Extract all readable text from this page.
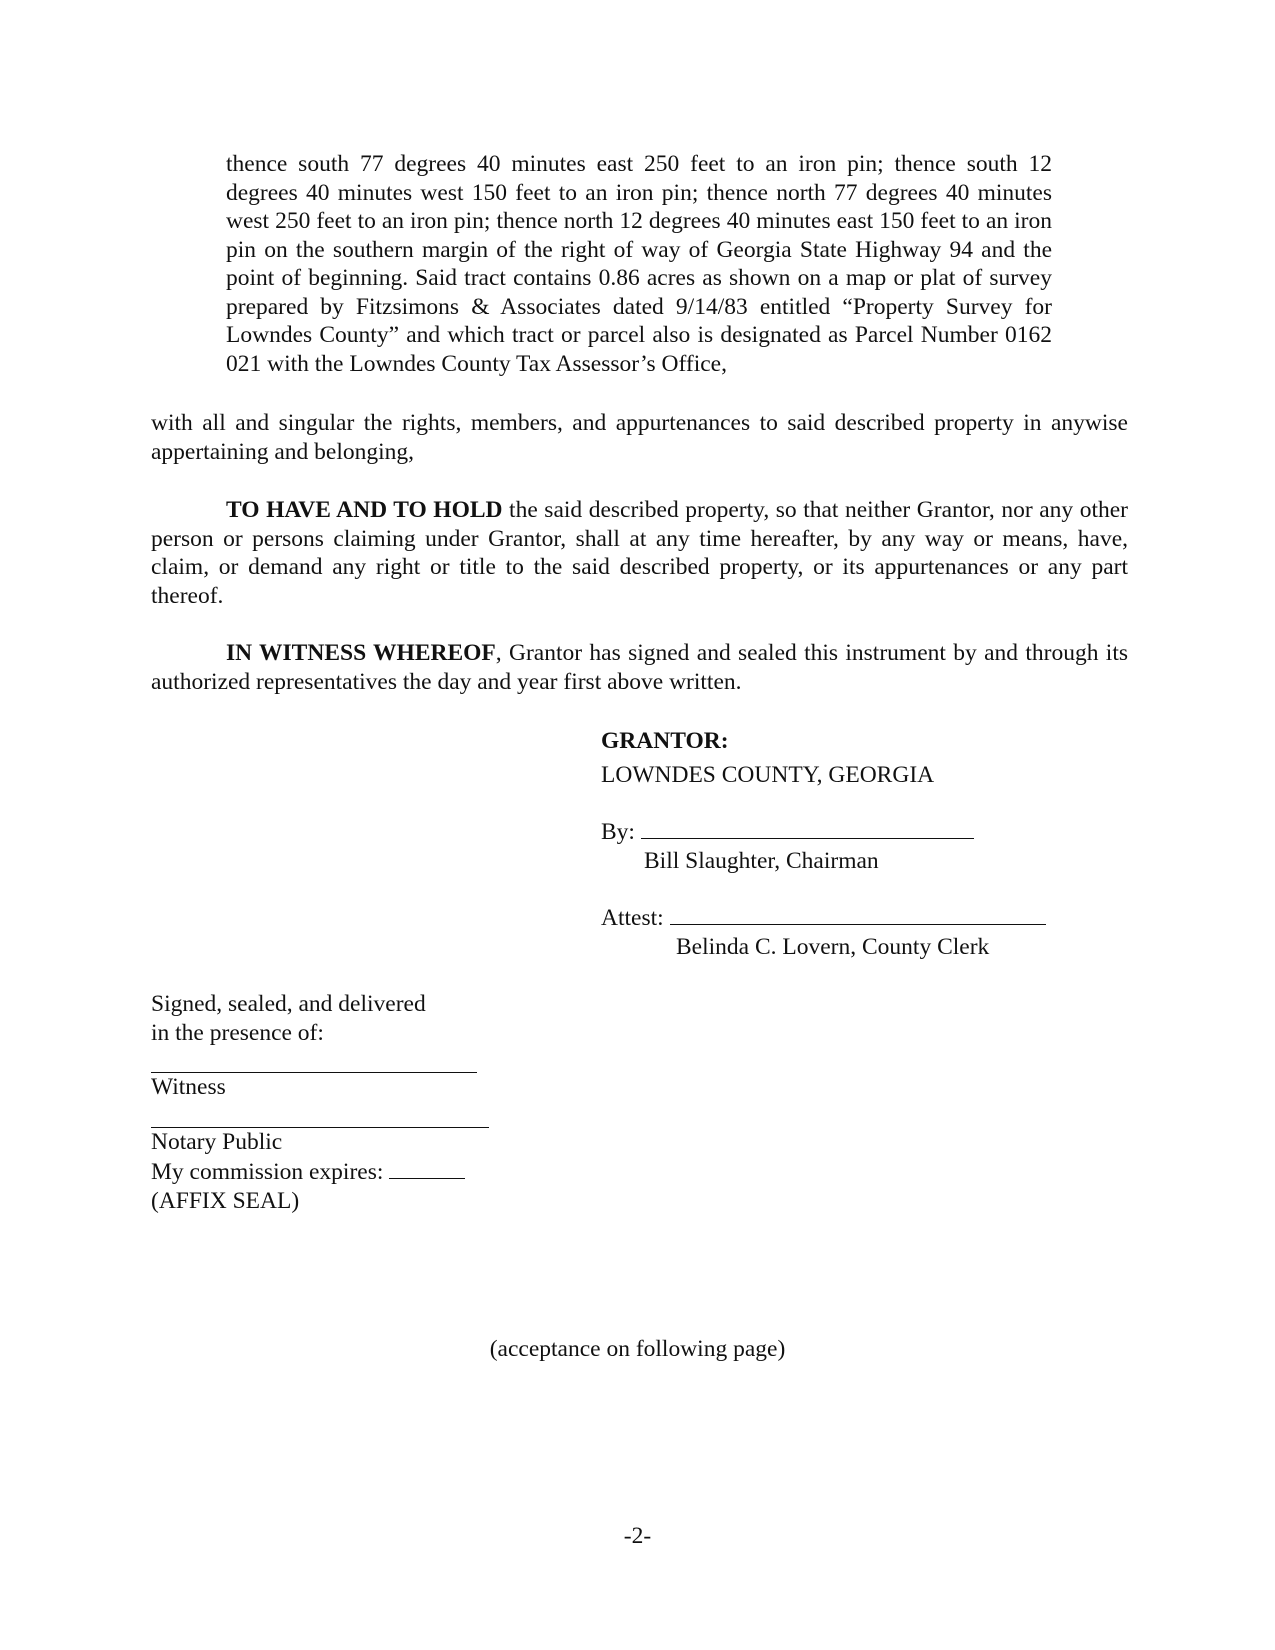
thence south 77 degrees 40 minutes east 250 feet to an iron pin; thence south 12 degrees 40 minutes west 150 feet to an iron pin; thence north 77 degrees 40 minutes west 250 feet to an iron pin; thence north 12 degrees 40 minutes east 150 feet to an iron pin on the southern margin of the right of way of Georgia State Highway 94 and the point of beginning. Said tract contains 0.86 acres as shown on a map or plat of survey prepared by Fitzsimons & Associates dated 9/14/83 entitled “Property Survey for Lowndes County” and which tract or parcel also is designated as Parcel Number 0162 021 with the Lowndes County Tax Assessor’s Office,

with all and singular the rights, members, and appurtenances to said described property in anywise appertaining and belonging,

TO HAVE AND TO HOLD the said described property, so that neither Grantor, nor any other person or persons claiming under Grantor, shall at any time hereafter, by any way or means, have, claim, or demand any right or title to the said described property, or its appurtenances or any part thereof.

IN WITNESS WHEREOF, Grantor has signed and sealed this instrument by and through its authorized representatives the day and year first above written.

GRANTOR:
LOWNDES COUNTY, GEORGIA
By:
Bill Slaughter, Chairman
Attest:
Belinda C. Lovern, County Clerk
Signed, sealed, and delivered
in the presence of:
Witness
Notary Public
My commission expires:
(AFFIX SEAL)
(acceptance on following page)
-2-
